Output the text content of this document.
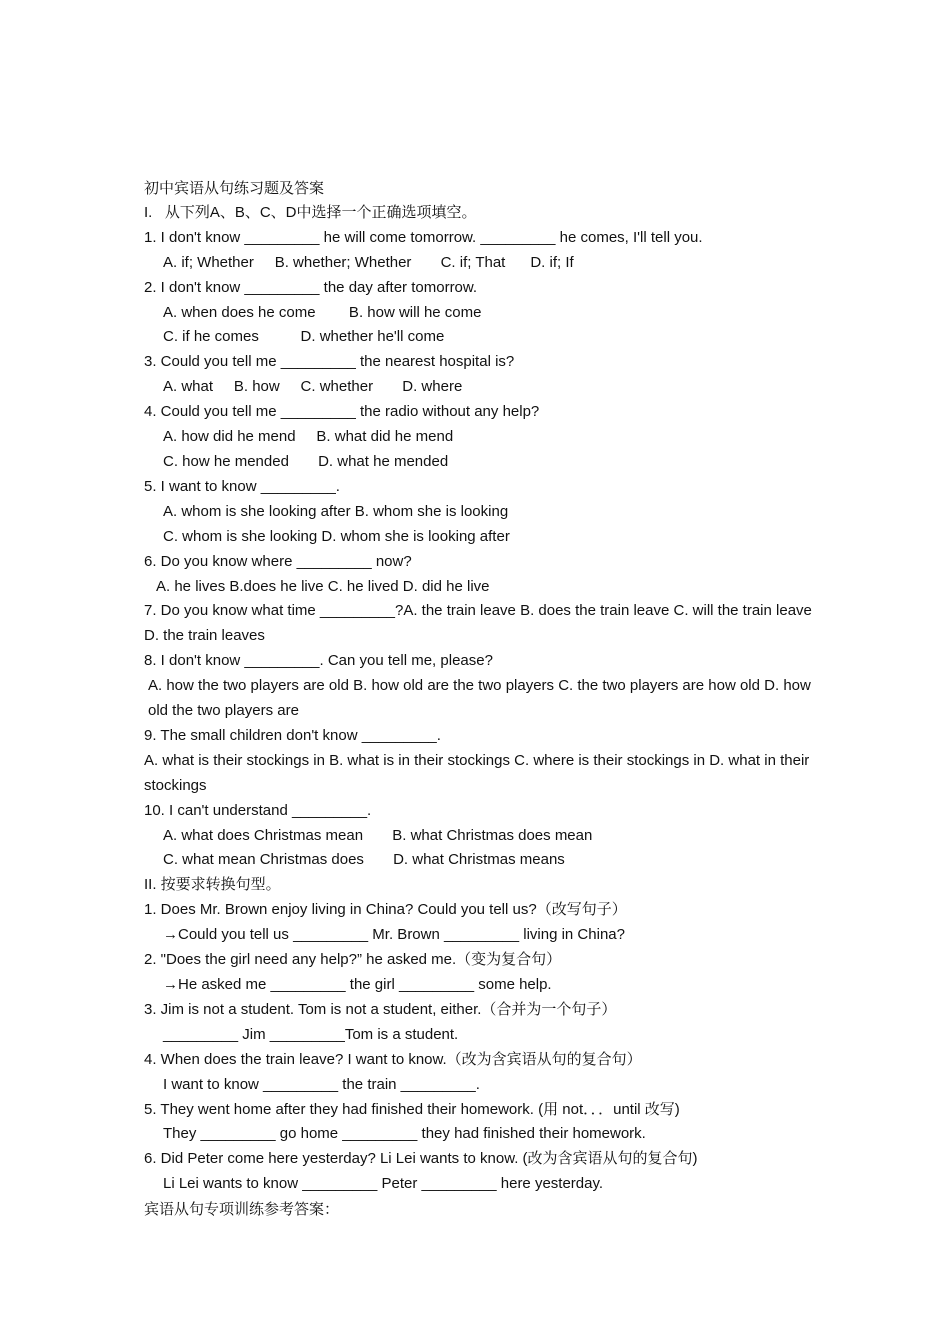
初中宾语从句练习题及答案
I.   从下列A、B、C、D中选择一个正确选项填空。
1. I don't know _________ he will come tomorrow. _________ he comes, I'll tell you.
A. if; Whether     B. whether; Whether       C. if; That      D. if; If
2. I don't know _________ the day after tomorrow.
A. when does he come        B. how will he come
C. if he comes          D. whether he'll come
3. Could you tell me _________ the nearest hospital is?
A. what     B. how     C. whether       D. where
4. Could you tell me _________ the radio without any help?
A. how did he mend     B. what did he mend
C. how he mended       D. what he mended
5. I want to know _________.
A. whom is she looking after B. whom she is looking
C. whom is she looking D. whom she is looking after
6. Do you know where _________ now?
A. he lives B.does he live C. he lived D. did he live
7. Do you know what time _________?A. the train leave B. does the train leave C. will the train leave D. the train leaves
8. I don't know _________. Can you tell me, please?
A. how the two players are old B. how old are the two players C. the two players are how old D. how old the two players are
9. The small children don't know _________.
A. what is their stockings in B. what is in their stockings C. where is their stockings in D. what in their stockings
10. I can't understand _________.
A. what does Christmas mean       B. what Christmas does mean
C. what mean Christmas does       D. what Christmas means
II. 按要求转换句型。
1. Does Mr. Brown enjoy living in China? Could you tell us?（改写句子）
→Could you tell us _________ Mr. Brown _________ living in China?
2. "Does the girl need any help?” he asked me.（变为复合句）
→He asked me _________ the girl _________ some help.
3. Jim is not a student. Tom is not a student, either.（合并为一个句子）
_________ Jim _________Tom is a student.
4. When does the train leave? I want to know.（改为含宾语从句的复合句）
I want to know _________ the train _________.
5. They went home after they had finished their homework. (用 not．．．until 改写)
They _________ go home _________ they had finished their homework.
6. Did Peter come here yesterday? Li Lei wants to know. (改为含宾语从句的复合句)
Li Lei wants to know _________ Peter _________ here yesterday.
宾语从句专项训练参考答案：
